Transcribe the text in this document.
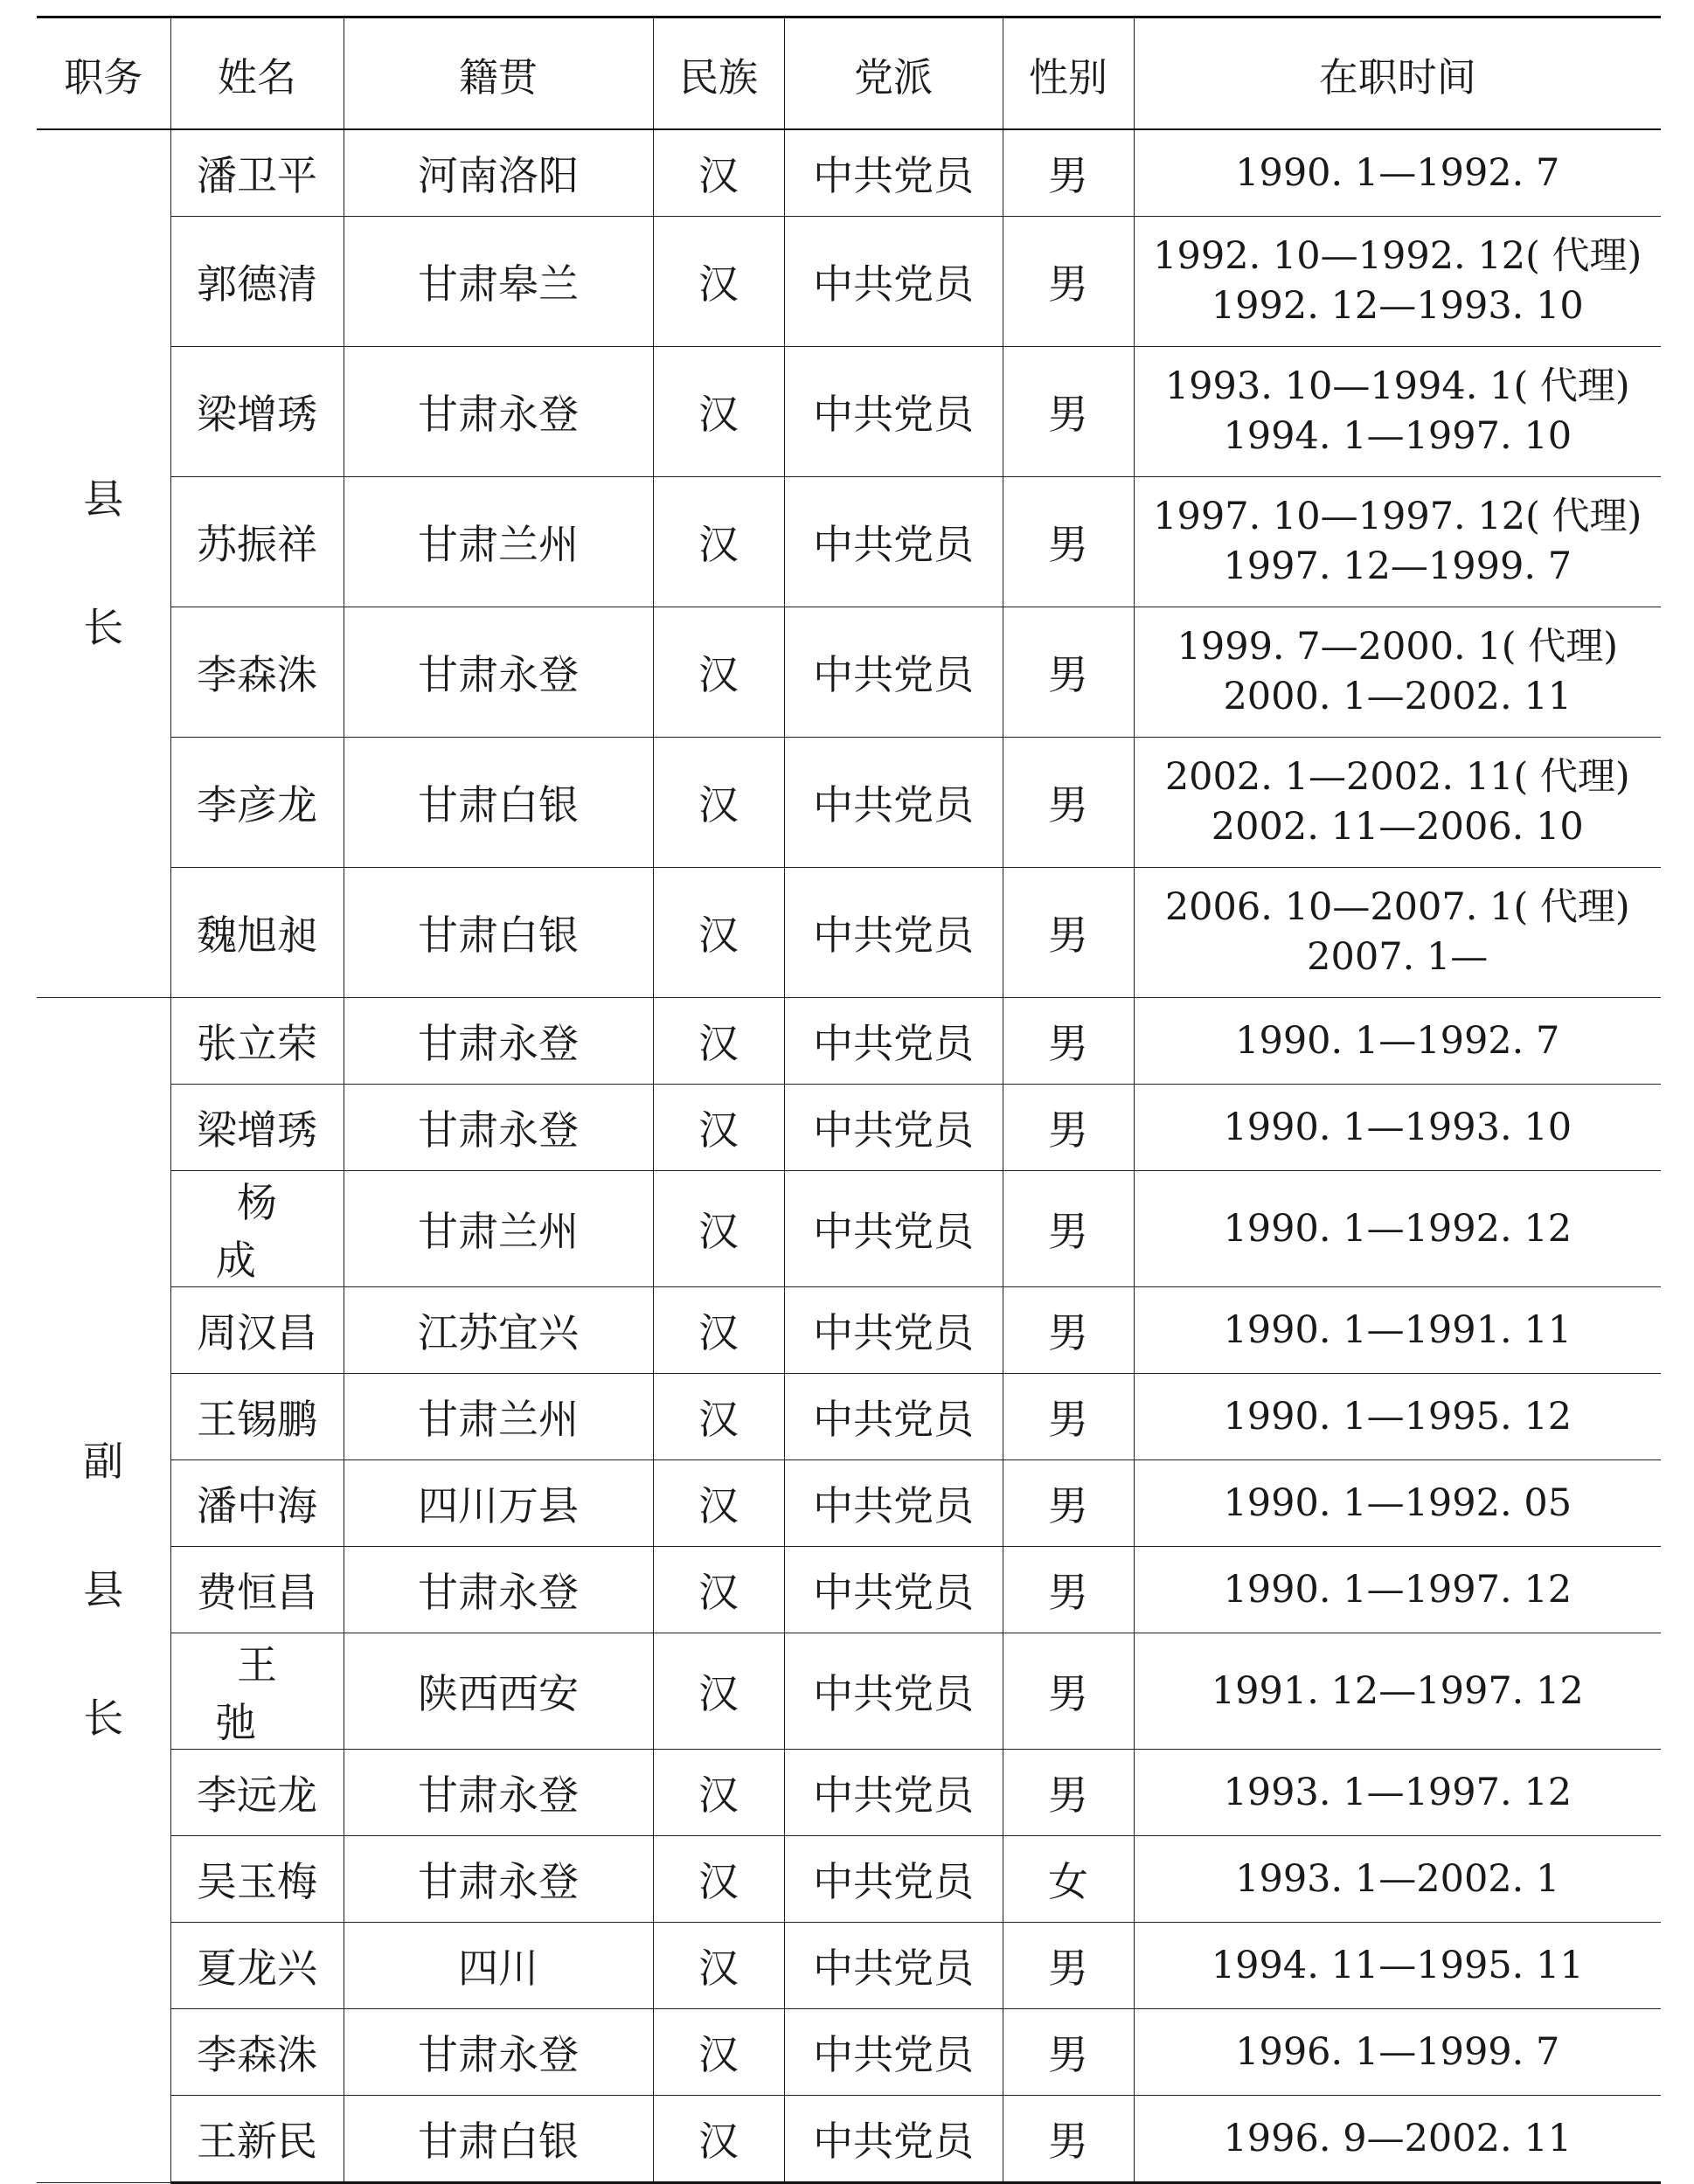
职务	姓名	籍贯	民族	党派	性别	在职时间

县
长	潘卫平	河南洛阳	汉	中共党员	男	1990. 1—1992. 7

	郭德清	甘肃皋兰	汉	中共党员	男	1992. 10—1992. 12( 代理)
1992. 12—1993. 10

	梁增琇	甘肃永登	汉	中共党员	男	1993. 10—1994. 1( 代理)
1994. 1—1997. 10

	苏振祥	甘肃兰州	汉	中共党员	男	1997. 10—1997. 12( 代理)
1997. 12—1999. 7

	李森洙	甘肃永登	汉	中共党员	男	1999. 7—2000. 1( 代理)
2000. 1—2002. 11

	李彦龙	甘肃白银	汉	中共党员	男	2002. 1—2002. 11( 代理)
2002. 11—2006. 10

	魏旭昶	甘肃白银	汉	中共党员	男	2006. 10—2007. 1( 代理)
2007. 1—

副
县
长	张立荣	甘肃永登	汉	中共党员	男	1990. 1—1992. 7

	梁增琇	甘肃永登	汉	中共党员	男	1990. 1—1993. 10

	杨成	甘肃兰州	汉	中共党员	男	1990. 1—1992. 12

	周汉昌	江苏宜兴	汉	中共党员	男	1990. 1—1991. 11

	王锡鹏	甘肃兰州	汉	中共党员	男	1990. 1—1995. 12

	潘中海	四川万县	汉	中共党员	男	1990. 1—1992. 05

	费恒昌	甘肃永登	汉	中共党员	男	1990. 1—1997. 12

	王弛	陕西西安	汉	中共党员	男	1991. 12—1997. 12

	李远龙	甘肃永登	汉	中共党员	男	1993. 1—1997. 12

	吴玉梅	甘肃永登	汉	中共党员	女	1993. 1—2002. 1

	夏龙兴	四川	汉	中共党员	男	1994. 11—1995. 11

	李森洙	甘肃永登	汉	中共党员	男	1996. 1—1999. 7

	王新民	甘肃白银	汉	中共党员	男	1996. 9—2002. 11
